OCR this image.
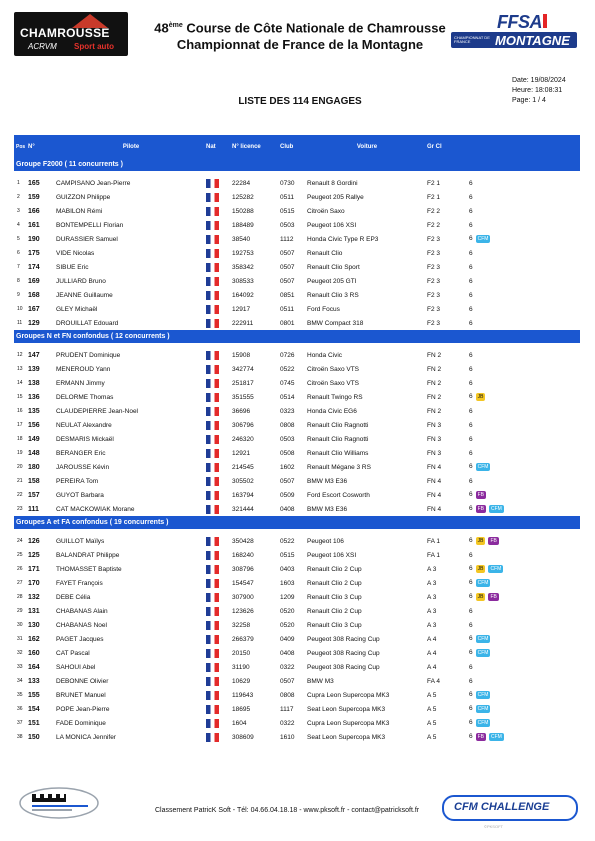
CHAMROUSSE
ACRVM Sport auto
48ème Course de Côte Nationale de Chamrousse
Championnat de France de la Montagne
FFSA
CHAMPIONNAT DE FRANCE	MONTAGNE
Date: 19/08/2024
Heure: 18:08:31
Page: 1 / 4
LISTE DES 114 ENGAGES
Pos	N°	Pilote	Nat	N° licence	Club	Voiture	Gr Cl	
Groupe F2000 ( 11 concurrents )								

1	165	CAMPISANO Jean-Pierre		22284	0730	Renault 8 Gordini	F2 1	6
2	159	GUIZZON Philippe		125282	0511	Peugeot 205 Rallye	F2 1	6
3	166	MABILON Rémi		150288	0515	Citroën Saxo	F2 2	6
4	161	BONTEMPELLI Florian		188489	0503	Peugeot 106 XSI	F2 2	6
5	190	DURASSIER Samuel		38540	1112	Honda Civic Type R EP3	F2 3	6 CFM
6	175	VIDE Nicolas		192753	0507	Renault Clio	F2 3	6
7	174	SIBUE Eric		358342	0507	Renault Clio Sport	F2 3	6
8	169	JULLIARD Bruno		308533	0507	Peugeot 205 GTI	F2 3	6
9	168	JEANNE Guillaume		164092	0851	Renault Clio 3 RS	F2 3	6
10	167	GLEY Michaël		12917	0511	Ford Focus	F2 3	6
11	129	DROUILLAT Edouard		222911	0801	BMW Compact 318	F2 3	6
Groupes N et FN confondus ( 12 concurrents )								

12	147	PRUDENT Dominique		15908	0726	Honda Civic	FN 2	6
13	139	MENEROUD Yann		342774	0522	Citroën Saxo VTS	FN 2	6
14	138	ERMANN Jimmy		251817	0745	Citroën Saxo VTS	FN 2	6
15	136	DELORME Thomas		351555	0514	Renault Twingo RS	FN 2	6 JB
16	135	CLAUDEPIERRE Jean-Noel		36696	0323	Honda Civic EG6	FN 2	6
17	156	NEULAT Alexandre		306796	0808	Renault Clio Ragnotti	FN 3	6
18	149	DESMARIS Mickaël		246320	0503	Renault Clio Ragnotti	FN 3	6
19	148	BERANGER Eric		12921	0508	Renault Clio Williams	FN 3	6
20	180	JAROUSSE Kévin		214545	1602	Renault Mégane 3 RS	FN 4	6 CFM
21	158	PEREIRA Tom		305502	0507	BMW M3 E36	FN 4	6
22	157	GUYOT Barbara		163794	0509	Ford Escort Cosworth	FN 4	6 FB
23	111	CAT MACKOWIAK Morane		321444	0408	BMW M3 E36	FN 4	6 FB CFM
Groupes A et FA confondus ( 19 concurrents )								

24	126	GUILLOT Maïlys		350428	0522	Peugeot 106	FA 1	6 JB FB
25	125	BALANDRAT Philippe		168240	0515	Peugeot 106 XSI	FA 1	6
26	171	THOMASSET Baptiste		308796	0403	Renault Clio 2 Cup	A 3	6 JB CFM
27	170	FAYET François		154547	1603	Renault Clio 2 Cup	A 3	6 CFM
28	132	DEBE Célia		307900	1209	Renault Clio 3 Cup	A 3	6 JB FB
29	131	CHABANAS Alain		123626	0520	Renault Clio 2 Cup	A 3	6
30	130	CHABANAS Noel		32258	0520	Renault Clio 3 Cup	A 3	6
31	162	PAGET Jacques		266379	0409	Peugeot 308 Racing Cup	A 4	6 CFM
32	160	CAT Pascal		20150	0408	Peugeot 308 Racing Cup	A 4	6 CFM
33	164	SAHOUI Abel		31190	0322	Peugeot 308 Racing Cup	A 4	6
34	133	DEBONNE Olivier		10629	0507	BMW M3	FA 4	6
35	155	BRUNET Manuel		119643	0808	Cupra Leon Supercopa MK3	A 5	6 CFM
36	154	POPE Jean-Pierre		18695	1117	Seat Leon Supercopa MK3	A 5	6 CFM
37	151	FADE Dominique		1604	0322	Cupra Leon Supercopa MK3	A 5	6 CFM
38	150	LA MONICA Jennifer		308609	1610	Seat Leon Supercopa MK3	A 5	6 FB CFM
Classement PatricK Soft - Tél: 04.66.04.18.18 - www.pksoft.fr - contact@patricksoft.fr	CFM CHALLENGE
©PKSOFT
